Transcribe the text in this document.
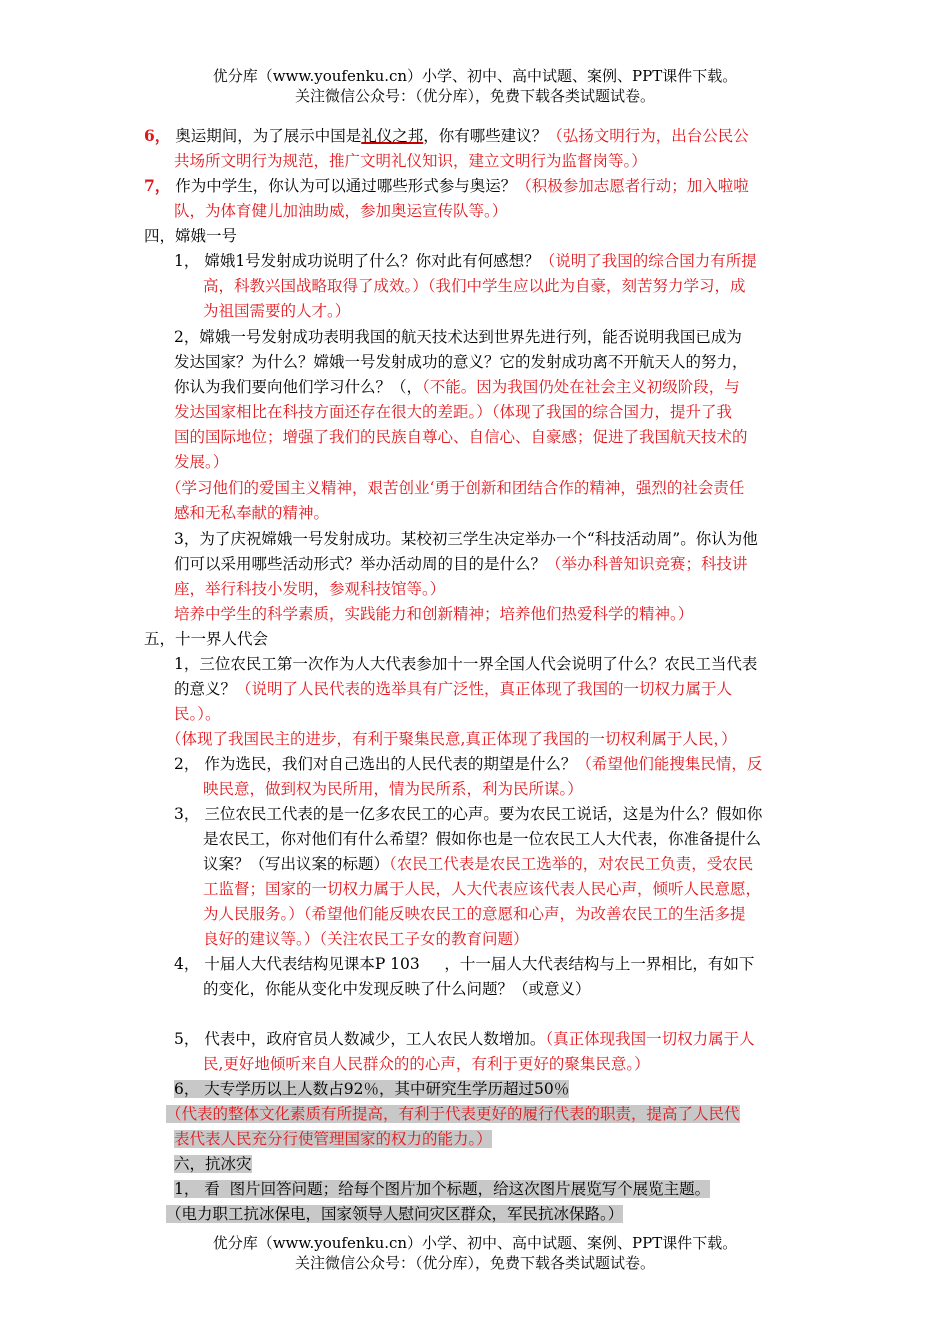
优分库（www.youfenku.cn）小学、初中、高中试题、案例、PPT课件下载。
关注微信公众号：（优分库），免费下载各类试题试卷。
6， 奥运期间，为了展示中国是礼仪之邦，你有哪些建议？（弘扬文明行为，出台公民公
共场所文明行为规范，推广文明礼仪知识，建立文明行为监督岗等。）
7， 作为中学生，你认为可以通过哪些形式参与奥运？（积极参加志愿者行动；加入啦啦
队，为体育健儿加油助威，参加奥运宣传队等。）
四，嫦娥一号
1， 嫦娥1号发射成功说明了什么？你对此有何感想？（说明了我国的综合国力有所提
高，科教兴国战略取得了成效。）（我们中学生应以此为自豪，刻苦努力学习，成
为祖国需要的人才。）
2，嫦娥一号发射成功表明我国的航天技术达到世界先进行列，能否说明我国已成为
发达国家？为什么？嫦娥一号发射成功的意义？它的发射成功离不开航天人的努力，
你认为我们要向他们学习什么？（，（不能。因为我国仍处在社会主义初级阶段，与
发达国家相比在科技方面还存在很大的差距。）（体现了我国的综合国力，提升了我
国的国际地位；增强了我们的民族自尊心、自信心、自豪感；促进了我国航天技术的
发展。）
（学习他们的爱国主义精神，艰苦创业‘勇于创新和团结合作的精神，强烈的社会责任
感和无私奉献的精神。
3，为了庆祝嫦娥一号发射成功。某校初三学生决定举办一个“科技活动周”。你认为他
们可以采用哪些活动形式？举办活动周的目的是什么？（举办科普知识竞赛；科技讲
座，举行科技小发明，参观科技馆等。）
培养中学生的科学素质，实践能力和创新精神；培养他们热爱科学的精神。）
五，十一界人代会
1，三位农民工第一次作为人大代表参加十一界全国人代会说明了什么？农民工当代表
的意义？（说明了人民代表的选举具有广泛性，真正体现了我国的一切权力属于人
民。）。
（体现了我国民主的进步，有利于聚集民意,真正体现了我国的一切权利属于人民，）
2， 作为选民，我们对自己选出的人民代表的期望是什么？（希望他们能搜集民情，反
映民意，做到权为民所用，情为民所系，利为民所谋。）
3， 三位农民工代表的是一亿多农民工的心声。要为农民工说话，这是为什么？假如你
是农民工，你对他们有什么希望？假如你也是一位农民工人大代表，你准备提什么
议案？（写出议案的标题）（农民工代表是农民工选举的，对农民工负责，受农民
工监督；国家的一切权力属于人民，人大代表应该代表人民心声，倾听人民意愿，
为人民服务。）（希望他们能反映农民工的意愿和心声，为改善农民工的生活多提
良好的建议等。）（关注农民工子女的教育问题）
4， 十届人大代表结构见课本P 103     ，十一届人大代表结构与上一界相比，有如下
的变化，你能从变化中发现反映了什么问题？（或意义）
5， 代表中，政府官员人数减少，工人农民人数增加。（真正体现我国一切权力属于人
民,更好地倾听来自人民群众的的心声，有利于更好的聚集民意。）
6， 大专学历以上人数占92％，其中研究生学历超过50％
（代表的整体文化素质有所提高，有利于代表更好的履行代表的职责，提高了人民代
表代表人民充分行使管理国家的权力的能力。）
六，抗冰灾
1， 看  图片回答问题；给每个图片加个标题，给这次图片展览写个展览主题。
（电力职工抗冰保电，国家领导人慰问灾区群众，军民抗冰保路。）
优分库（www.youfenku.cn）小学、初中、高中试题、案例、PPT课件下载。
关注微信公众号：（优分库），免费下载各类试题试卷。
